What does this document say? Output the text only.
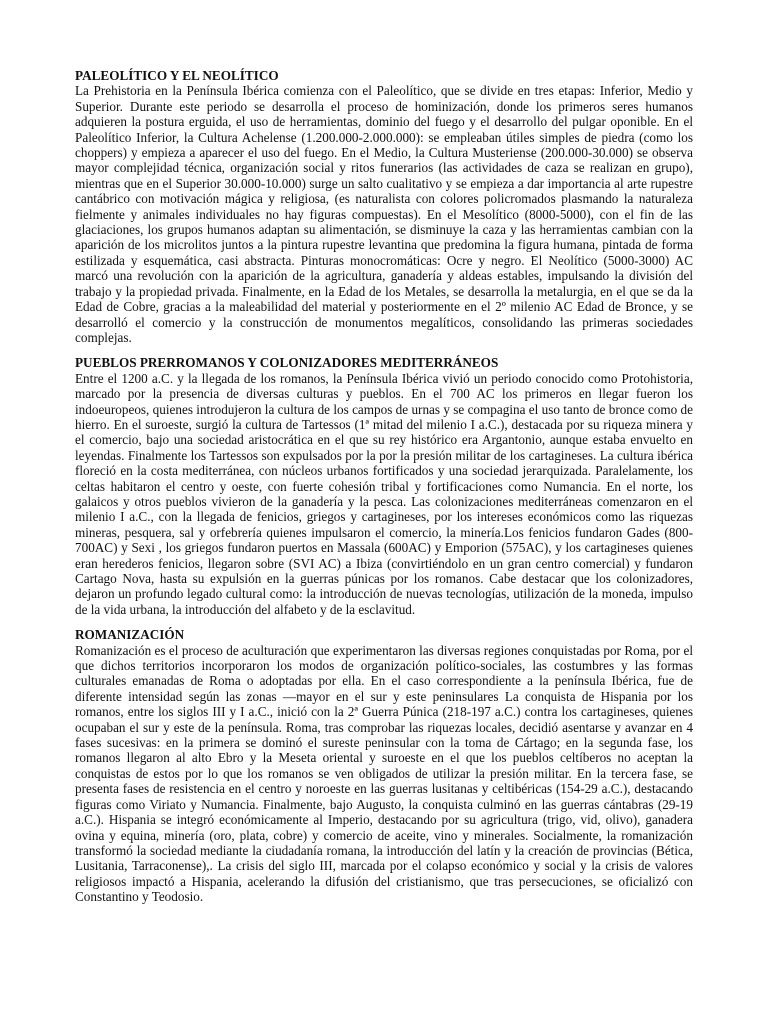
PALEOLÍTICO Y EL NEOLÍTICO

La Prehistoria en la Península Ibérica comienza con el Paleolítico, que se divide en tres etapas: Inferior, Medio y Superior. Durante este periodo se desarrolla el proceso de hominización, donde los primeros seres humanos adquieren la postura erguida, el uso de herramientas, dominio del fuego y el desarrollo del pulgar oponible. En el Paleolítico Inferior, la Cultura Achelense (1.200.000-2.000.000): se empleaban útiles simples de piedra (como los choppers) y empieza a aparecer el uso del fuego. En el Medio, la Cultura Musteriense (200.000-30.000) se observa mayor complejidad técnica, organización social y ritos funerarios (las actividades de caza se realizan en grupo), mientras que en el Superior 30.000-10.000) surge un salto cualitativo y se empieza a dar importancia al arte rupestre cantábrico con motivación mágica y religiosa, (es naturalista con colores policromados plasmando la naturaleza fielmente y animales individuales no hay figuras compuestas). En el Mesolítico (8000-5000), con el fin de las glaciaciones, los grupos humanos adaptan su alimentación, se disminuye la caza y las herramientas cambian con la aparición de los microlitos juntos a la pintura rupestre levantina que predomina la figura humana, pintada de forma estilizada y esquemática, casi abstracta. Pinturas monocromáticas: Ocre y negro. El Neolítico (5000-3000) AC marcó una revolución con la aparición de la agricultura, ganadería y aldeas estables, impulsando la división del trabajo y la propiedad privada. Finalmente, en la Edad de los Metales, se desarrolla la metalurgia, en el que se da la Edad de Cobre, gracias a la maleabilidad del material y posteriormente en el 2º milenio AC Edad de Bronce, y se desarrolló el comercio y la construcción de monumentos megalíticos, consolidando las primeras sociedades complejas.

PUEBLOS PRERROMANOS Y COLONIZADORES MEDITERRÁNEOS

Entre el 1200 a.C. y la llegada de los romanos, la Península Ibérica vivió un periodo conocido como Protohistoria, marcado por la presencia de diversas culturas y pueblos. En el 700 AC los primeros en llegar fueron los indoeuropeos, quienes introdujeron la cultura de los campos de urnas y se compagina el uso tanto de bronce como de hierro. En el suroeste, surgió la cultura de Tartessos (1ª mitad del milenio I a.C.), destacada por su riqueza minera y el comercio, bajo una sociedad aristocrática en el que su rey histórico era Argantonio, aunque estaba envuelto en leyendas. Finalmente los Tartessos son expulsados por la por la presión militar de los cartagineses. La cultura ibérica floreció en la costa mediterránea, con núcleos urbanos fortificados y una sociedad jerarquizada. Paralelamente, los celtas habitaron el centro y oeste, con fuerte cohesión tribal y fortificaciones como Numancia. En el norte, los galaicos y otros pueblos vivieron de la ganadería y la pesca. Las colonizaciones mediterráneas comenzaron en el milenio I a.C., con la llegada de fenicios, griegos y cartagineses, por los intereses económicos como las riquezas mineras, pesquera, sal y orfebrería quienes impulsaron el comercio, la minería.Los fenicios fundaron Gades (800-700AC) y Sexi , los griegos fundaron puertos en Massala (600AC) y Emporion (575AC), y los cartagineses quienes eran herederos fenicios, llegaron sobre (SVI AC) a Ibiza (convirtiéndolo en un gran centro comercial) y fundaron Cartago Nova, hasta su expulsión en la guerras púnicas por los romanos. Cabe destacar que los colonizadores, dejaron un profundo legado cultural como: la introducción de nuevas tecnologías, utilización de la moneda, impulso de la vida urbana, la introducción del alfabeto y de la esclavitud.

ROMANIZACIÓN

Romanización es el proceso de aculturación que experimentaron las diversas regiones conquistadas por Roma, por el que dichos territorios incorporaron los modos de organización político-sociales, las costumbres y las formas culturales emanadas de Roma o adoptadas por ella. En el caso correspondiente a la península Ibérica, fue de diferente intensidad según las zonas —mayor en el sur y este peninsulares La conquista de Hispania por los romanos, entre los siglos III y I a.C., inició con la 2ª Guerra Púnica (218-197 a.C.) contra los cartagineses, quienes ocupaban el sur y este de la península. Roma, tras comprobar las riquezas locales, decidió asentarse y avanzar en 4 fases sucesivas: en la primera se dominó el sureste peninsular con la toma de Cártago; en la segunda fase, los romanos llegaron al alto Ebro y la Meseta oriental y suroeste en el que los pueblos celtíberos no aceptan la conquistas de estos por lo que los romanos se ven obligados de utilizar la presión militar. En la tercera fase, se presenta fases de resistencia en el centro y noroeste en las guerras lusitanas y celtibéricas (154-29 a.C.), destacando figuras como Viriato y Numancia. Finalmente, bajo Augusto, la conquista culminó en las guerras cántabras (29-19 a.C.). Hispania se integró económicamente al Imperio, destacando por su agricultura (trigo, vid, olivo), ganadera ovina y equina, minería (oro, plata, cobre) y comercio de aceite, vino y minerales. Socialmente, la romanización transformó la sociedad mediante la ciudadanía romana, la introducción del latín y la creación de provincias (Bética, Lusitania, Tarraconense),. La crisis del siglo III, marcada por el colapso económico y social y la crisis de valores religiosos impactó a Hispania, acelerando la difusión del cristianismo, que tras persecuciones, se oficializó con Constantino y Teodosio.
